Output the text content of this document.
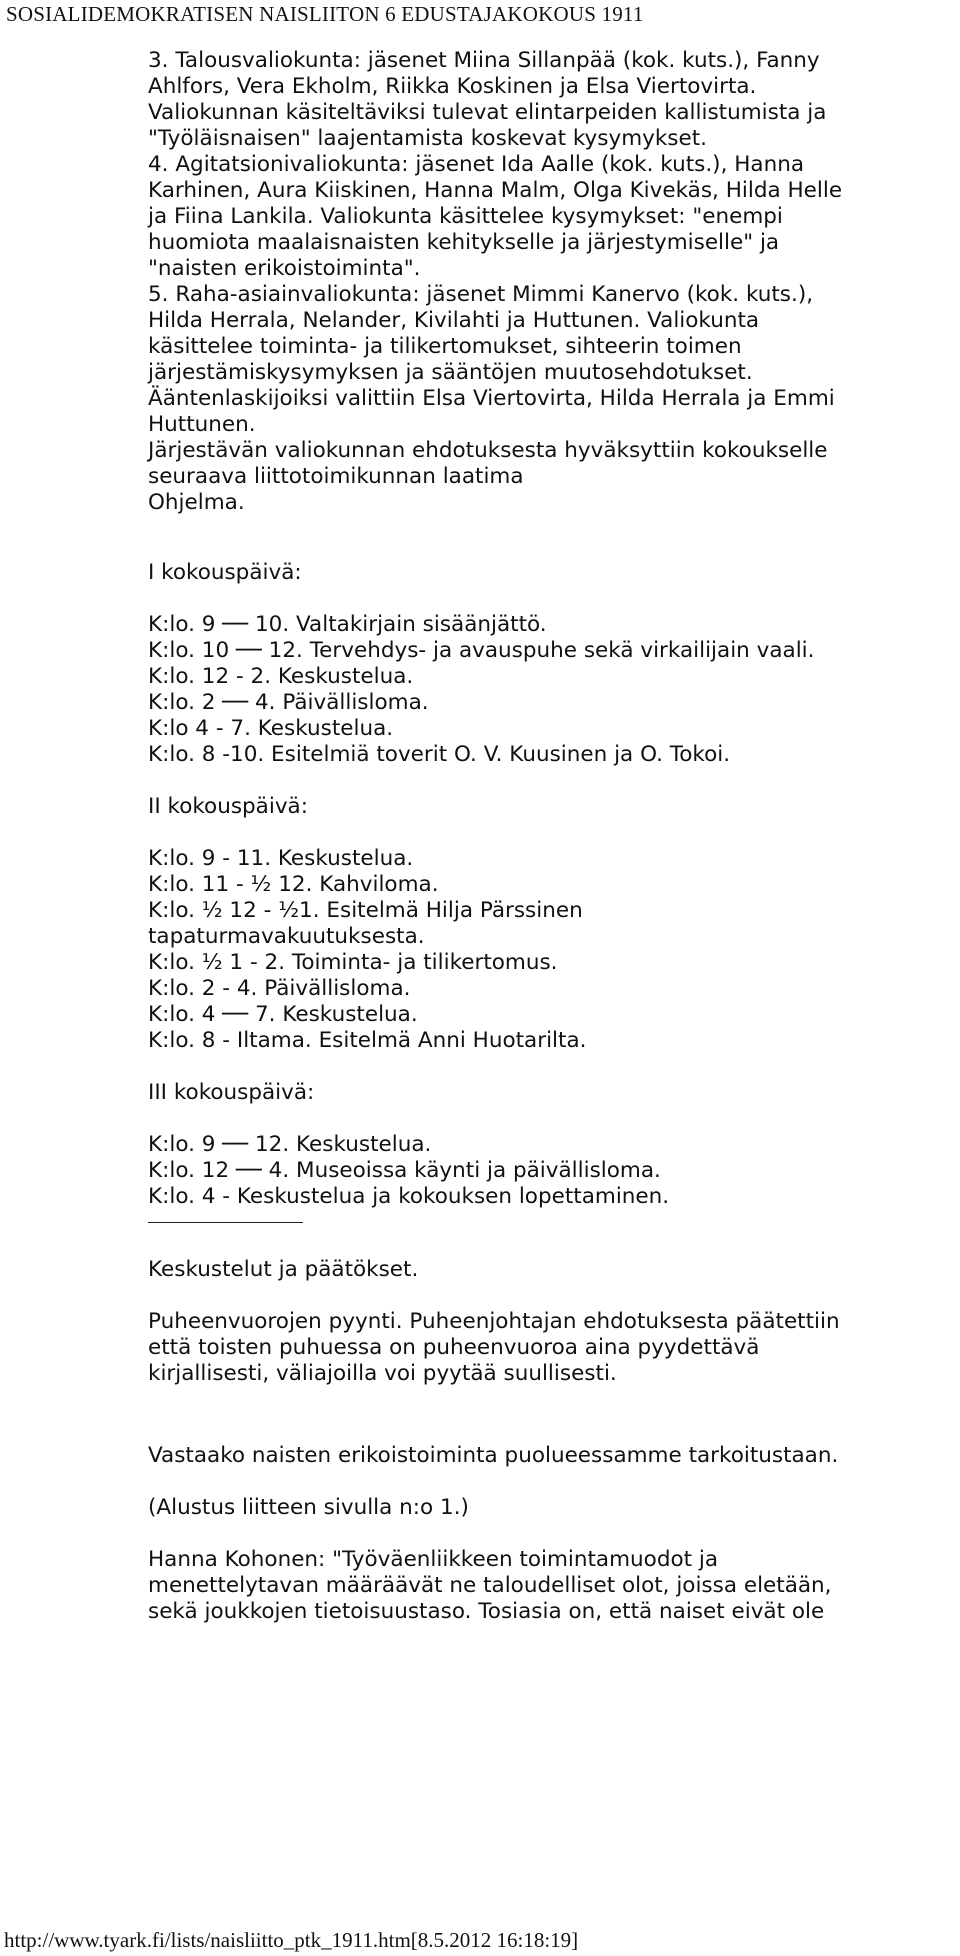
SOSIALIDEMOKRATISEN NAISLIITON 6 EDUSTAJAKOKOUS 1911
3. Talousvaliokunta: jäsenet Miina Sillanpää (kok. kuts.), Fanny
Ahlfors, Vera Ekholm, Riikka Koskinen ja Elsa Viertovirta.
Valiokunnan käsiteltäviksi tulevat elintarpeiden kallistumista ja
"Työläisnaisen" laajentamista koskevat kysymykset.
4. Agitatsionivaliokunta: jäsenet Ida Aalle (kok. kuts.), Hanna
Karhinen, Aura Kiiskinen, Hanna Malm, Olga Kivekäs, Hilda Helle
ja Fiina Lankila. Valiokunta käsittelee kysymykset: "enempi
huomiota maalaisnaisten kehitykselle ja järjestymiselle" ja
"naisten erikoistoiminta".
5. Raha-asiainvaliokunta: jäsenet Mimmi Kanervo (kok. kuts.),
Hilda Herrala, Nelander, Kivilahti ja Huttunen. Valiokunta
käsittelee toiminta- ja tilikertomukset, sihteerin toimen
järjestämiskysymyksen ja sääntöjen muutosehdotukset.
Ääntenlaskijoiksi valittiin Elsa Viertovirta, Hilda Herrala ja Emmi
Huttunen.
Järjestävän valiokunnan ehdotuksesta hyväksyttiin kokoukselle
seuraava liittotoimikunnan laatima
Ohjelma.
I kokouspäivä:
K:lo. 9 ── 10. Valtakirjain sisäänjättö.
K:lo. 10 ── 12. Tervehdys- ja avauspuhe sekä virkailijain vaali.
K:lo. 12 - 2. Keskustelua.
K:lo. 2 ── 4. Päivällisloma.
K:lo 4 - 7. Keskustelua.
K:lo. 8 -10. Esitelmiä toverit O. V. Kuusinen ja O. Tokoi.
II kokouspäivä:
K:lo. 9 - 11. Keskustelua.
K:lo. 11 - ½ 12. Kahviloma.
K:lo. ½ 12 - ½1. Esitelmä Hilja Pärssinen
tapaturmavakuutuksesta.
K:lo. ½ 1 - 2. Toiminta- ja tilikertomus.
K:lo. 2 - 4. Päivällisloma.
K:lo. 4 ── 7. Keskustelua.
K:lo. 8 - Iltama. Esitelmä Anni Huotarilta.
III kokouspäivä:
K:lo. 9 ── 12. Keskustelua.
K:lo. 12 ── 4. Museoissa käynti ja päivällisloma.
K:lo. 4 - Keskustelua ja kokouksen lopettaminen.
Keskustelut ja päätökset.
Puheenvuorojen pyynti. Puheenjohtajan ehdotuksesta päätettiin
että toisten puhuessa on puheenvuoroa aina pyydettävä
kirjallisesti, väliajoilla voi pyytää suullisesti.
Vastaako naisten erikoistoiminta puolueessamme tarkoitustaan.
(Alustus liitteen sivulla n:o 1.)
Hanna Kohonen: "Työväenliikkeen toimintamuodot ja
menettelytavan määräävät ne taloudelliset olot, joissa eletään,
sekä joukkojen tietoisuustaso. Tosiasia on, että naiset eivät ole
http://www.tyark.fi/lists/naisliitto_ptk_1911.htm[8.5.2012 16:18:19]
